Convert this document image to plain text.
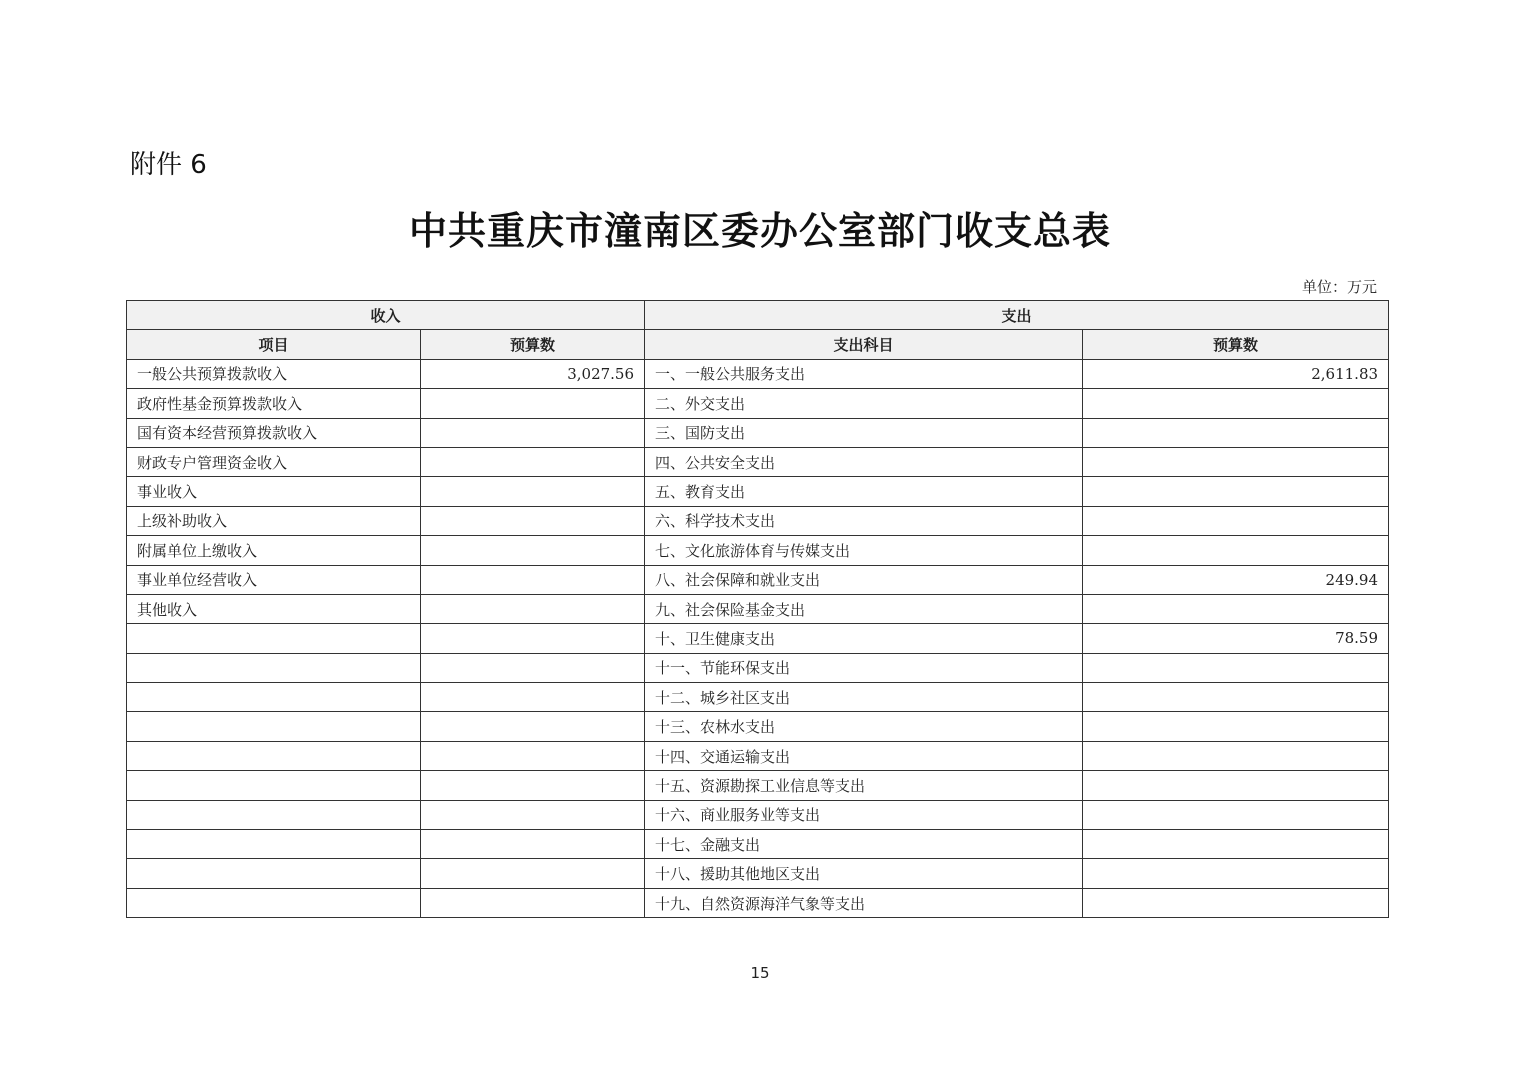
附件 6
中共重庆市潼南区委办公室部门收支总表
单位：万元
收入		支出	
项目	预算数	支出科目	预算数
一般公共预算拨款收入	3,027.56	一、一般公共服务支出	2,611.83
政府性基金预算拨款收入		二、外交支出	
国有资本经营预算拨款收入		三、国防支出	
财政专户管理资金收入		四、公共安全支出	
事业收入		五、教育支出	
上级补助收入		六、科学技术支出	
附属单位上缴收入		七、文化旅游体育与传媒支出	
事业单位经营收入		八、社会保障和就业支出	249.94
其他收入		九、社会保险基金支出	
		十、卫生健康支出	78.59
		十一、节能环保支出	
		十二、城乡社区支出	
		十三、农林水支出	
		十四、交通运输支出	
		十五、资源勘探工业信息等支出	
		十六、商业服务业等支出	
		十七、金融支出	
		十八、援助其他地区支出	
		十九、自然资源海洋气象等支出	
15
